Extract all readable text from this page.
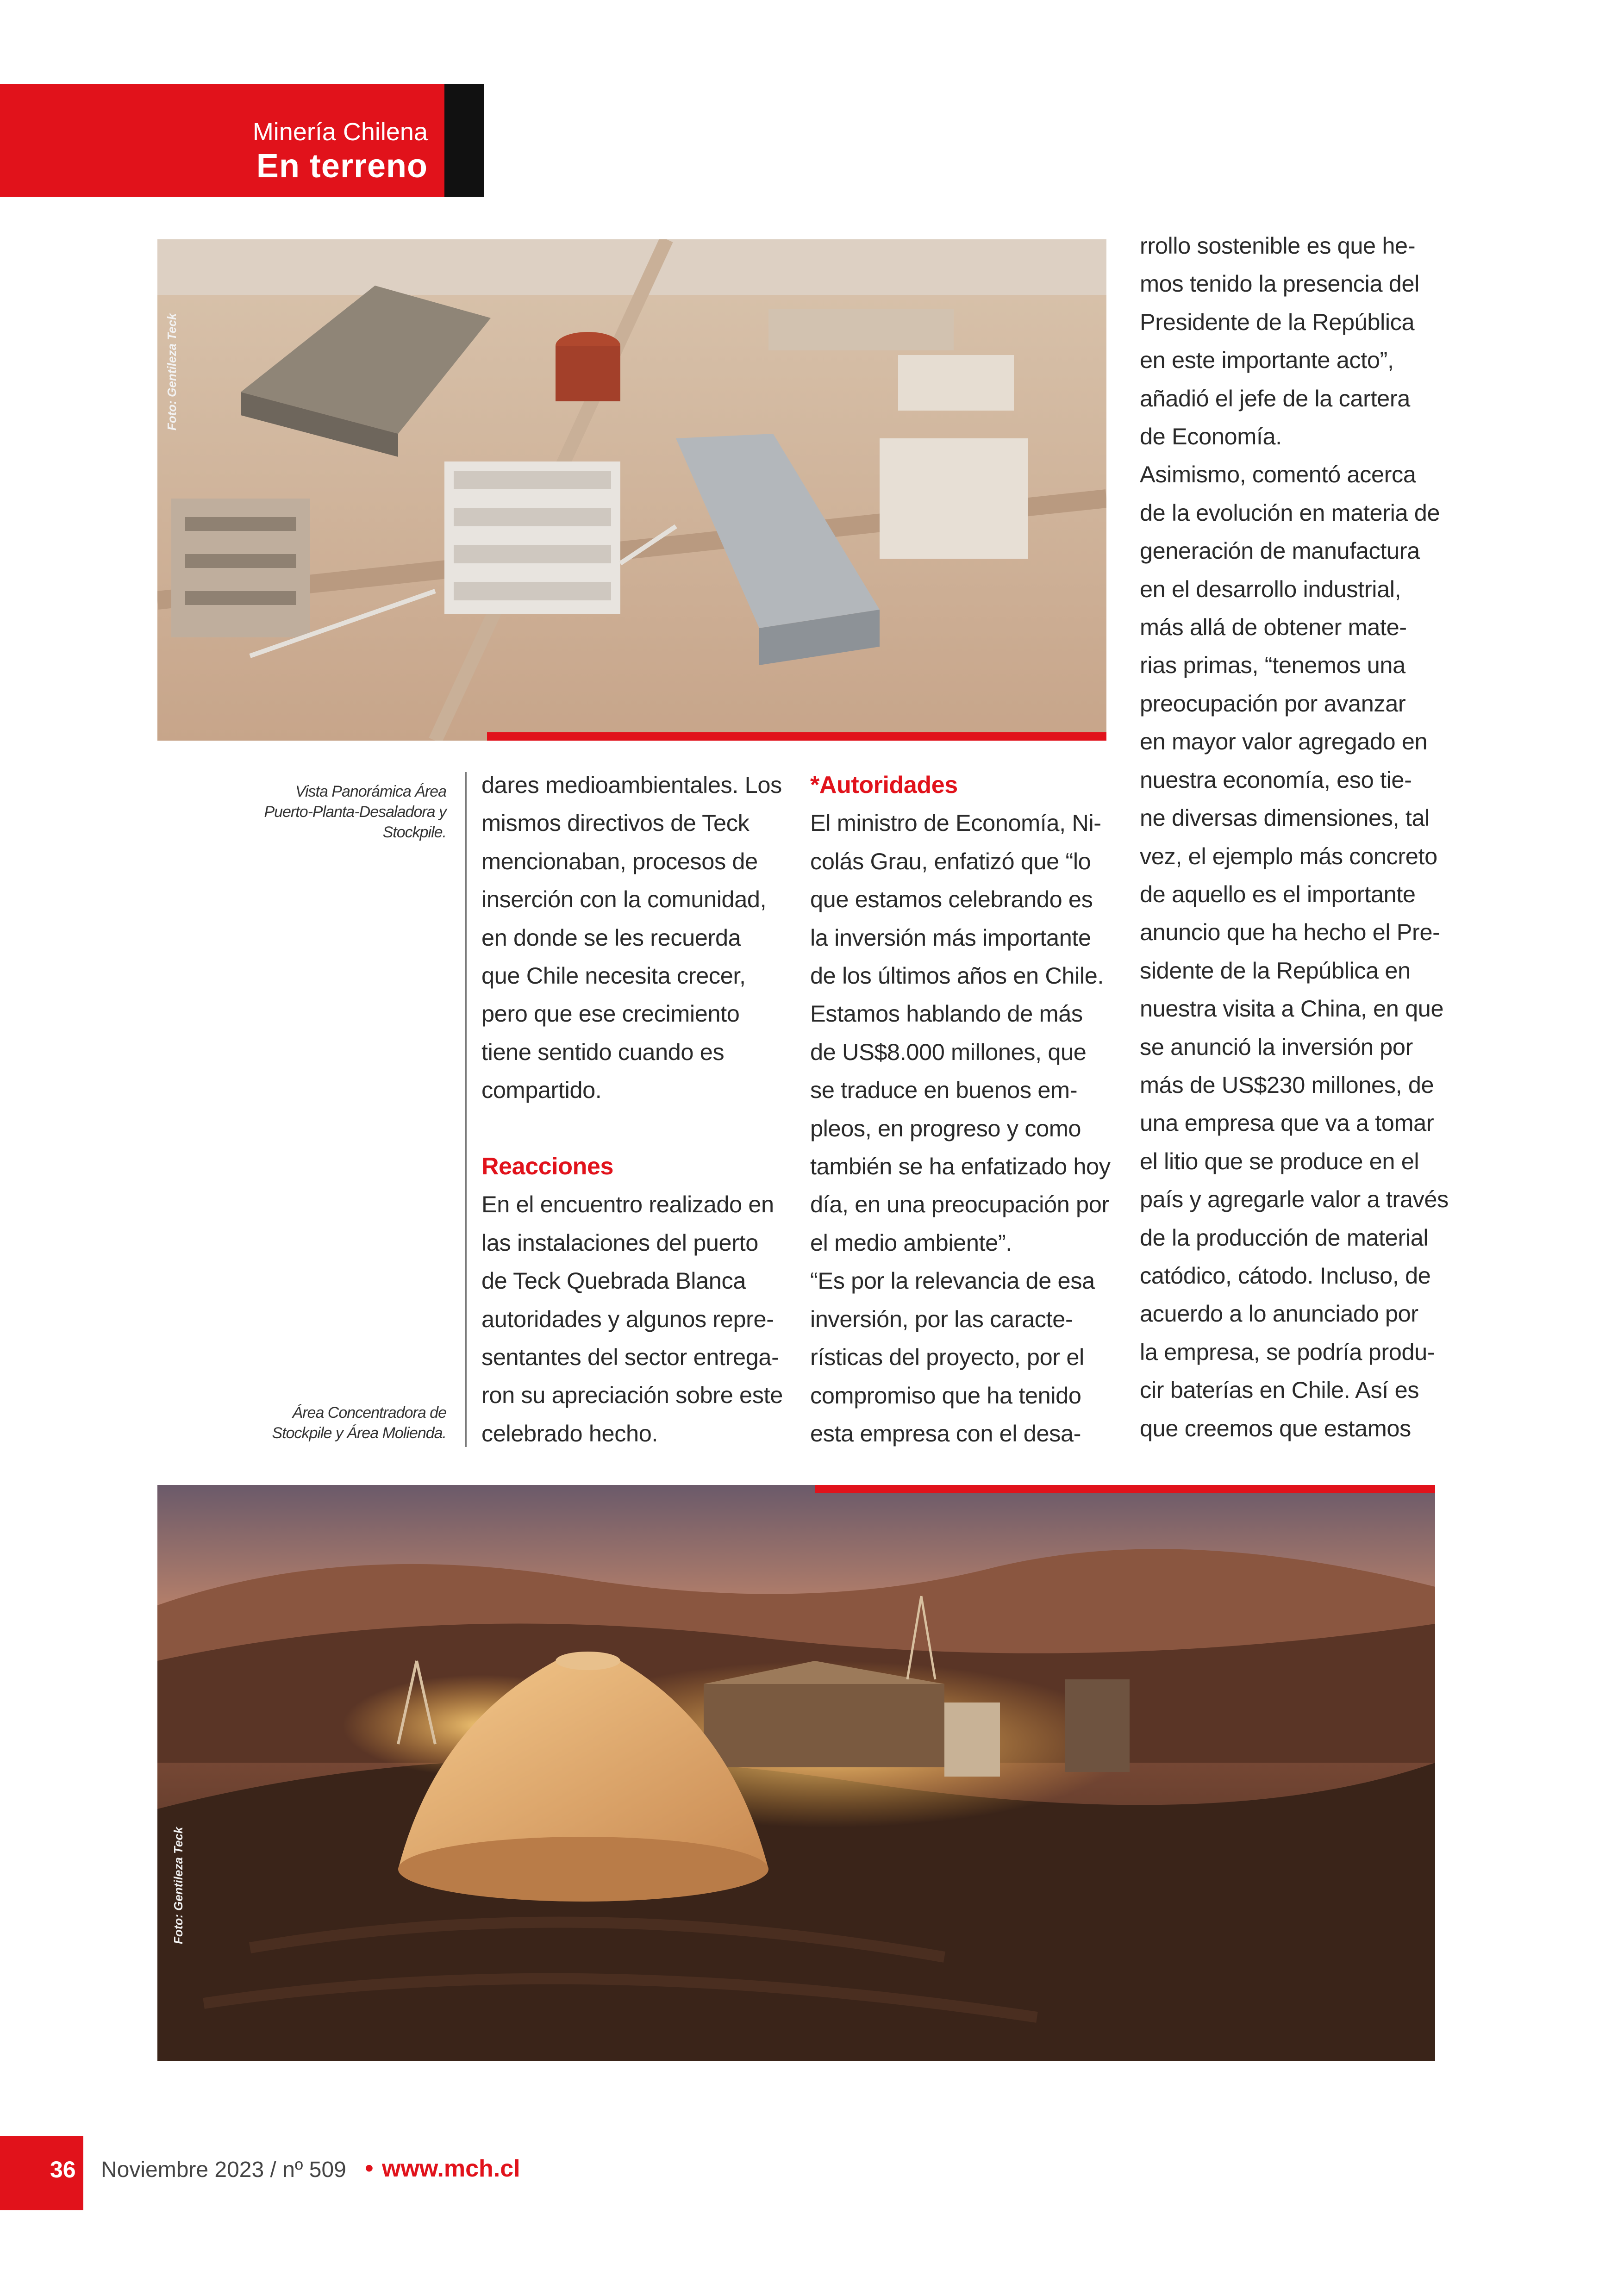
Minería Chilena
En terreno
Foto: Gentileza Teck
Vista Panorámica Área
Puerto-Planta-Desaladora y
Stockpile.
Área Concentradora de
Stockpile y Área Molienda.

dares medioambientales. Los

mismos directivos de Teck

mencionaban, procesos de

inserción con la comunidad,

en donde se les recuerda

que Chile necesita crecer,

pero que ese crecimiento

tiene sentido cuando es

compartido.

Reacciones

En el encuentro realizado en

las instalaciones del puerto

de Teck Quebrada Blanca

autoridades y algunos repre-

sentantes del sector entrega-

ron su apreciación sobre este

celebrado hecho.

*Autoridades

El ministro de Economía, Ni-

colás Grau, enfatizó que “lo

que estamos celebrando es

la inversión más importante

de los últimos años en Chile.

Estamos hablando de más

de US$8.000 millones, que

se traduce en buenos em-

pleos, en progreso y como

también se ha enfatizado hoy

día, en una preocupación por

el medio ambiente”.

“Es por la relevancia de esa

inversión, por las caracte-

rísticas del proyecto, por el

compromiso que ha tenido

esta empresa con el desa-

rrollo sostenible es que he-

mos tenido la presencia del

Presidente de la República

en este importante acto”,

añadió el jefe de la cartera

de Economía.

Asimismo, comentó acerca

de la evolución en materia de

generación de manufactura

en el desarrollo industrial,

más allá de obtener mate-

rias primas, “tenemos una

preocupación por avanzar

en mayor valor agregado en

nuestra economía, eso tie-

ne diversas dimensiones, tal

vez, el ejemplo más concreto

de aquello es el importante

anuncio que ha hecho el Pre-

sidente de la República en

nuestra visita a China, en que

se anunció la inversión por

más de US$230 millones, de

una empresa que va a tomar

el litio que se produce en el

país y agregarle valor a través

de la producción de material

catódico, cátodo. Incluso, de

acuerdo a lo anunciado por

la empresa, se podría produ-

cir baterías en Chile. Así es

que creemos que estamos

Foto: Gentileza Teck
36 Noviembre 2023 / nº 509 • www.mch.cl
